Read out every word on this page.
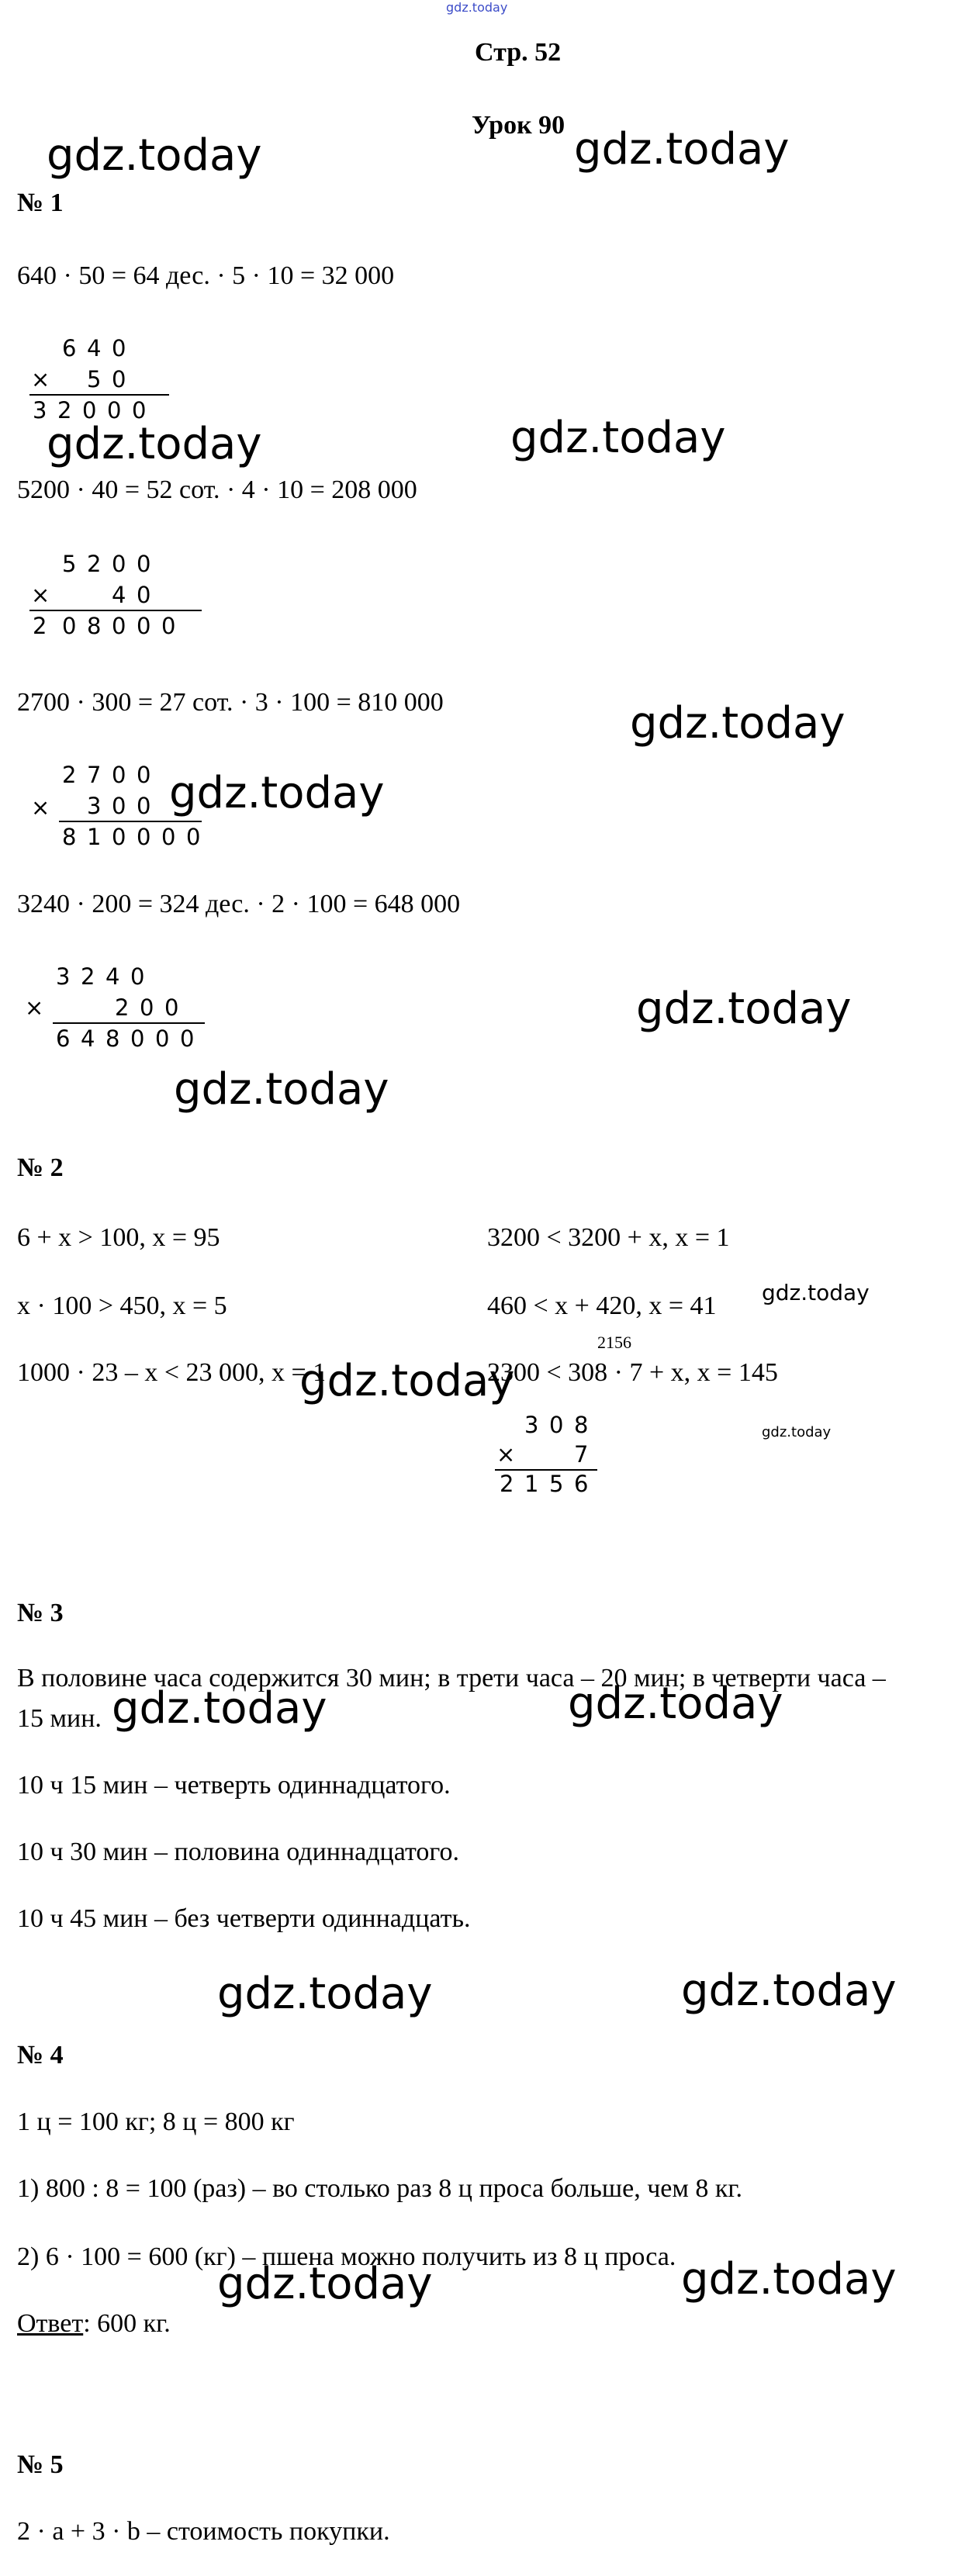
gdz.today
Стр. 52
Урок 90
№ 1
640 · 50 = 64 дес. · 5 · 10 = 32 000
6 4 0
×	5 0
3 2 0 0 0
5200 · 40 = 52 сот. · 4 · 10 = 208 000
5 2 0 0
×	4 0
2 0 8 0 0 0
2700 · 300 = 27 сот. · 3 · 100 = 810 000
2 7 0 0
×	3 0 0
8 1 0 0 0 0
3240 · 200 = 324 дес. · 2 · 100 = 648 000
3 2 4 0
×	2 0 0
6 4 8 0 0 0
№ 2
6 + x > 100, x = 95
x · 100 > 450, x = 5
1000 · 23 – x < 23 000, x = 1
3200 < 3200 + x, x = 1
460 < x + 420, x = 41
2156
2300 < 308 · 7 + x, x = 145
3 0 8
×	7
2 1 5 6
№ 3
В половине часа содержится 30 мин; в трети часа – 20 мин; в четверти часа –
15 мин.
10 ч 15 мин – четверть одиннадцатого.
10 ч 30 мин – половина одиннадцатого.
10 ч 45 мин – без четверти одиннадцать.
№ 4
1 ц = 100 кг; 8 ц = 800 кг
1) 800 : 8 = 100 (раз) – во столько раз 8 ц проса больше, чем 8 кг.
2) 6 · 100 = 600 (кг) – пшена можно получить из 8 ц проса.
Ответ: 600 кг.
№ 5
2 · a + 3 · b – стоимость покупки.
gdz.today	gdz.today
gdz.today	gdz.today
gdz.today
gdz.today
gdz.today
gdz.today
gdz.today
gdz.today
gdz.today
gdz.today	gdz.today
gdz.today	gdz.today
gdz.today	gdz.today
